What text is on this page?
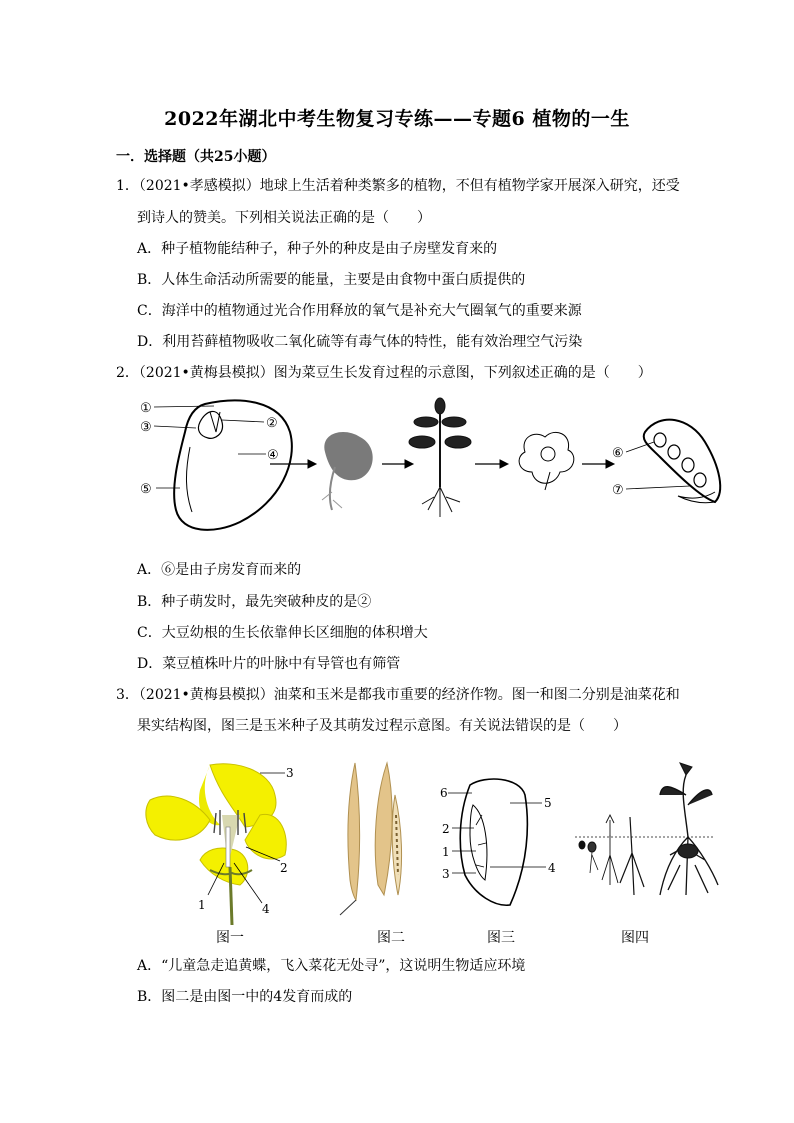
2022年湖北中考生物复习专练——专题6 植物的一生
一．选择题（共25小题）
1．（2021•孝感模拟）地球上生活着种类繁多的植物，不但有植物学家开展深入研究，还受
到诗人的赞美。下列相关说法正确的是（　　）
A．种子植物能结种子，种子外的种皮是由子房壁发育来的
B．人体生命活动所需要的能量，主要是由食物中蛋白质提供的
C．海洋中的植物通过光合作用释放的氧气是补充大气圈氧气的重要来源
D．利用苔藓植物吸收二氧化硫等有毒气体的特性，能有效治理空气污染
2．（2021•黄梅县模拟）图为菜豆生长发育过程的示意图，下列叙述正确的是（　　）
①
③	②
④
⑤
⑥
⑦
A．⑥是由子房发育而来的
B．种子萌发时，最先突破种皮的是②
C．大豆幼根的生长依靠伸长区细胞的体积增大
D．菜豆植株叶片的叶脉中有导管也有筛管
3．（2021•黄梅县模拟）油菜和玉米是都我市重要的经济作物。图一和图二分别是油菜花和
果实结构图，图三是玉米种子及其萌发过程示意图。有关说法错误的是（　　）
3
2
1	4
6
5
2
1
3	4
图一	图二	图三	图四
A．“儿童急走追黄蝶，飞入菜花无处寻”，这说明生物适应环境
B．图二是由图一中的4发育而成的
